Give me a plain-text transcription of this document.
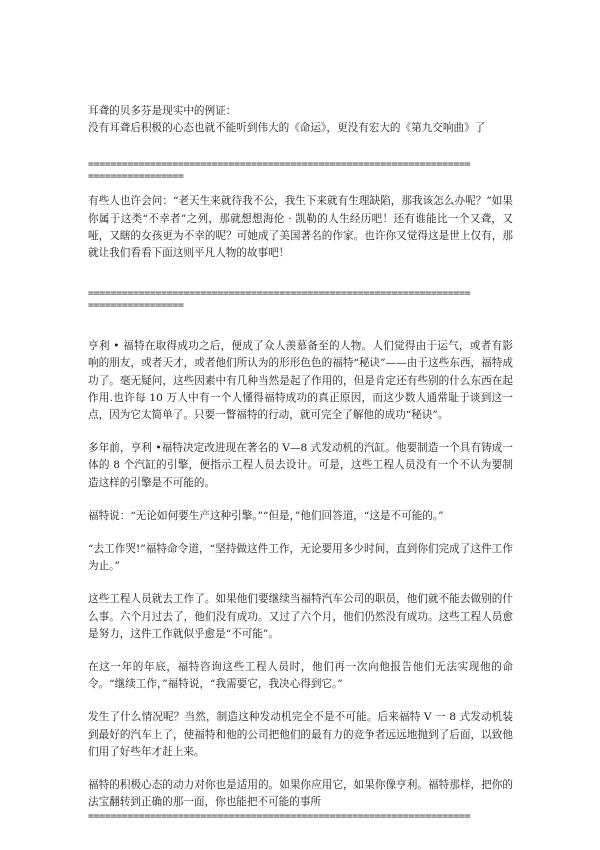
耳聋的贝多芬是现实中的例证：

没有耳聋后积极的心态也就不能听到伟大的《命运》，更没有宏大的《第九交响曲》了

====================================================================
=================

有些人也许会问：“老天生来就待我不公，我生下来就有生理缺陷，那我该怎么办呢？”如果你属于这类“不幸者”之列，那就想想海伦 · 凯勒的人生经历吧！还有谁能比一个又聋，又哑，又瞎的女孩更为不幸的呢？可她成了美国著名的作家。也许你又觉得这是世上仅有，那就让我们看看下面这则平凡人物的故事吧！

====================================================================
=================

亨利 • 福特在取得成功之后，便成了众人羡慕备至的人物。人们觉得由于运气，或者有影响的朋友，或者天才，或者他们所认为的形形色色的福特“秘诀”——由于这些东西，福特成功了。毫无疑问，这些因素中有几种当然是起了作用的，但是肯定还有些别的什么东西在起作用.也许每 10 万人中有一个人懂得福特成功的真正原因，而这少数人通常耻于谈到这一点，因为它太简单了。只要一瞥福特的行动，就可完全了解他的成功“秘诀”。

多年前，亨利 •福特决定改进现在著名的 V—8 式发动机的汽缸。他要制造一个具有铸成一体的 8 个汽缸的引擎，便指示工程人员去设计。可是，这些工程人员没有一个不认为要制造这样的引擎是不可能的。

福特说：“无论如何要生产这种引擎。”“但是，”他们回答道，“这是不可能的。”

“去工作哭!”福特命令道，“坚持做这件工作，无论要用多少时间，直到你们完成了这件工作为止。”

这些工程人员就去工作了。如果他们要继续当福特汽车公司的职员，他们就不能去做别的什么事。六个月过去了，他们没有成功。又过了六个月，他们仍然没有成功。这些工程人员愈是努力，这件工作就似乎愈是“不可能”。

在这一年的年底，福特咨询这些工程人员时，他们再一次向他报告他们无法实现他的命令。“继续工作，”福特说，“我需要它，我决心得到它。”

发生了什么情况呢？当然，制造这种发动机完全不是不可能。后来福特 V 一 8 式发动机装到最好的汽车上了，使福特和他的公司把他们的最有力的竞争者远远地抛到了后面，以致他们用了好些年才赶上来。

福特的积极心态的动力对你也是适用的。如果你应用它，如果你像亨利。福特那样，把你的法宝翻转到正确的那一面，你也能把不可能的事所

====================================================================
